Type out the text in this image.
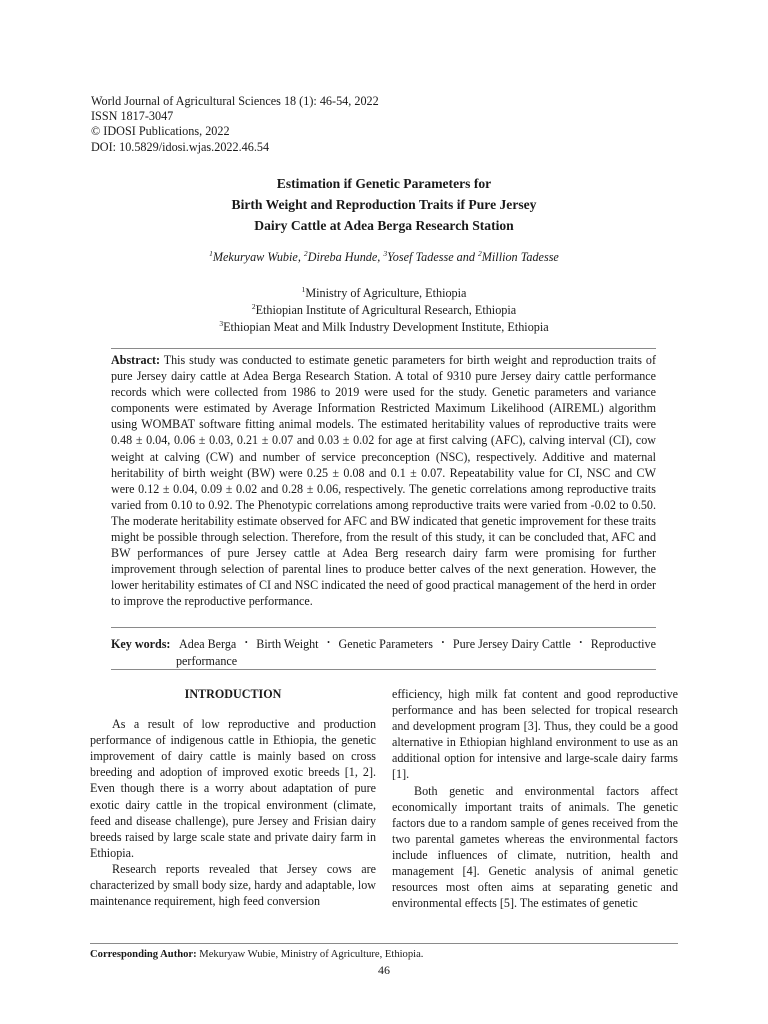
World Journal of Agricultural Sciences 18 (1): 46-54, 2022
ISSN 1817-3047
© IDOSI Publications, 2022
DOI: 10.5829/idosi.wjas.2022.46.54
Estimation if Genetic Parameters for
Birth Weight and Reproduction Traits if Pure Jersey
Dairy Cattle at Adea Berga Research Station
$^1$Mekuryaw Wubie, $^2$Direba Hunde, $^3$Yosef Tadesse and $^2$Million Tadesse
$^1$Ministry of Agriculture, Ethiopia
$^2$Ethiopian Institute of Agricultural Research, Ethiopia
$^3$Ethiopian Meat and Milk Industry Development Institute, Ethiopia
Abstract: This study was conducted to estimate genetic parameters for birth weight and reproduction traits of pure Jersey dairy cattle at Adea Berga Research Station. A total of 9310 pure Jersey dairy cattle performance records which were collected from 1986 to 2019 were used for the study. Genetic parameters and variance components were estimated by Average Information Restricted Maximum Likelihood (AIREML) algorithm using WOMBAT software fitting animal models. The estimated heritability values of reproductive traits were 0.48 ± 0.04, 0.06 ± 0.03, 0.21 ± 0.07 and 0.03 ± 0.02 for age at first calving (AFC), calving interval (CI), cow weight at calving (CW) and number of service preconception (NSC), respectively. Additive and maternal heritability of birth weight (BW) were 0.25 ± 0.08 and 0.1 ± 0.07. Repeatability value for CI, NSC and CW were 0.12 ± 0.04, 0.09 ± 0.02 and 0.28 ± 0.06, respectively. The genetic correlations among reproductive traits varied from 0.10 to 0.92. The Phenotypic correlations among reproductive traits were varied from -0.02 to 0.50. The moderate heritability estimate observed for AFC and BW indicated that genetic improvement for these traits might be possible through selection. Therefore, from the result of this study, it can be concluded that, AFC and BW performances of pure Jersey cattle at Adea Berg research dairy farm were promising for further improvement through selection of parental lines to produce better calves of the next generation. However, the lower heritability estimates of CI and NSC indicated the need of good practical management of the herd in order to improve the reproductive performance.
Key words: Adea Berga • Birth Weight • Genetic Parameters • Pure Jersey Dairy Cattle • Reproductive
performance

INTRODUCTION

As a result of low reproductive and production performance of indigenous cattle in Ethiopia, the genetic improvement of dairy cattle is mainly based on cross breeding and adoption of improved exotic breeds [1, 2]. Even though there is a worry about adaptation of pure exotic dairy cattle in the tropical environment (climate, feed and disease challenge), pure Jersey and Frisian dairy breeds raised by large scale state and private dairy farm in Ethiopia.

Research reports revealed that Jersey cows are characterized by small body size, hardy and adaptable, low maintenance requirement, high feed conversion

efficiency, high milk fat content and good reproductive performance and has been selected for tropical research and development program [3]. Thus, they could be a good alternative in Ethiopian highland environment to use as an additional option for intensive and large-scale dairy farms [1].

Both genetic and environmental factors affect economically important traits of animals. The genetic factors due to a random sample of genes received from the two parental gametes whereas the environmental factors include influences of climate, nutrition, health and management [4]. Genetic analysis of animal genetic resources most often aims at separating genetic and environmental effects [5]. The estimates of genetic

Corresponding Author: Mekuryaw Wubie, Ministry of Agriculture, Ethiopia.
46
